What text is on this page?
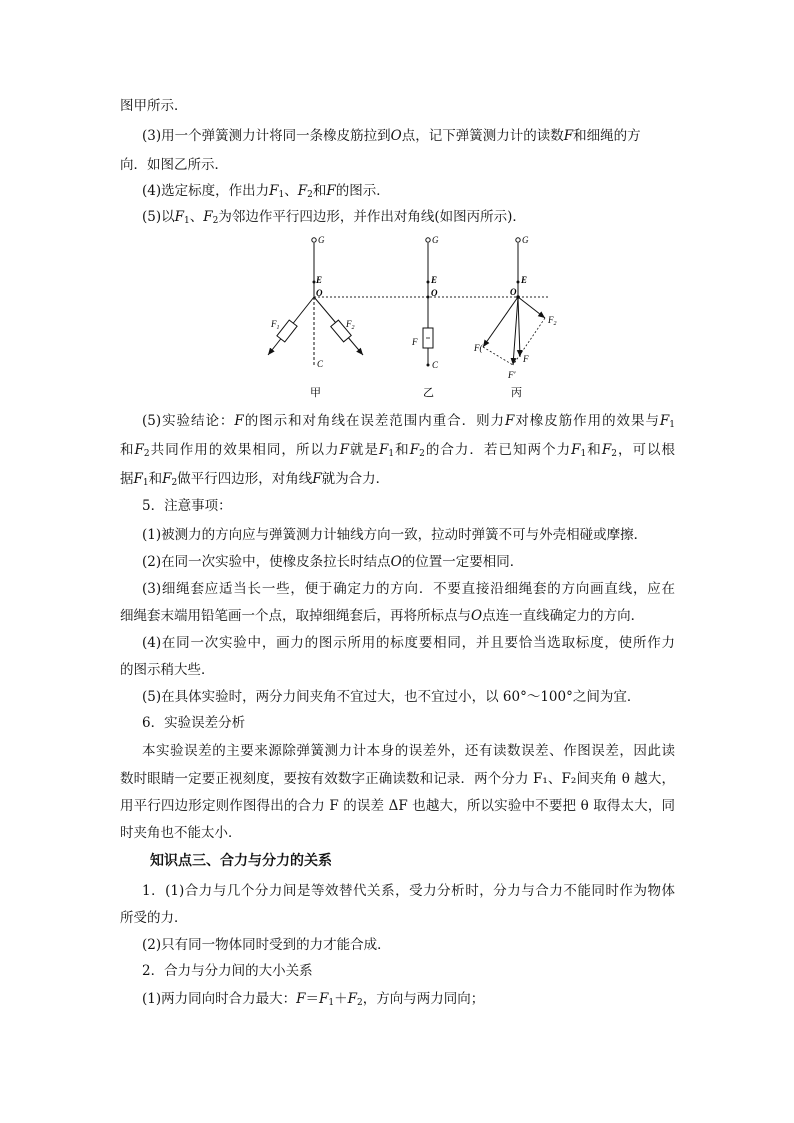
图甲所示．
(3)用一个弹簧测力计将同一条橡皮筋拉到O点，记下弹簧测力计的读数F和细绳的方
向．如图乙所示．
(4)选定标度，作出力$F_1$、$F_2$和F的图示．
(5)以$F_1$、$F_2$为邻边作平行四边形，并作出对角线(如图丙所示)．
G
E
O
C
$F_1$	$F_2$
甲
G
E
O
F
C
乙
G
E
O
F(
$F_2$
F
F′
丙
(5)实验结论：F的图示和对角线在误差范围内重合．则力F对橡皮筋作用的效果与$F_1$
和$F_2$共同作用的效果相同，所以力F就是$F_1$和$F_2$的合力．若已知两个力$F_1$和$F_2$，可以根
据$F_1$和$F_2$做平行四边形，对角线F就为合力．
5．注意事项：
(1)被测力的方向应与弹簧测力计轴线方向一致，拉动时弹簧不可与外壳相碰或摩擦．
(2)在同一次实验中，使橡皮条拉长时结点O的位置一定要相同．
(3)细绳套应适当长一些，便于确定力的方向．不要直接沿细绳套的方向画直线，应在
细绳套末端用铅笔画一个点，取掉细绳套后，再将所标点与O点连一直线确定力的方向．
(4)在同一次实验中，画力的图示所用的标度要相同，并且要恰当选取标度，使所作力
的图示稍大些．
(5)在具体实验时，两分力间夹角不宜过大，也不宜过小，以 60°～100°之间为宜．
6．实验误差分析
本实验误差的主要来源除弹簧测力计本身的误差外，还有读数误差、作图误差，因此读
数时眼睛一定要正视刻度，要按有效数字正确读数和记录．两个分力 F₁、F₂间夹角 θ 越大，
用平行四边形定则作图得出的合力 F 的误差 ΔF 也越大，所以实验中不要把 θ 取得太大，同
时夹角也不能太小．
知识点三、合力与分力的关系
1．(1)合力与几个分力间是等效替代关系，受力分析时，分力与合力不能同时作为物体
所受的力．
(2)只有同一物体同时受到的力才能合成．
2．合力与分力间的大小关系
(1)两力同向时合力最大：$F=F_1+F_2$，方向与两力同向；
